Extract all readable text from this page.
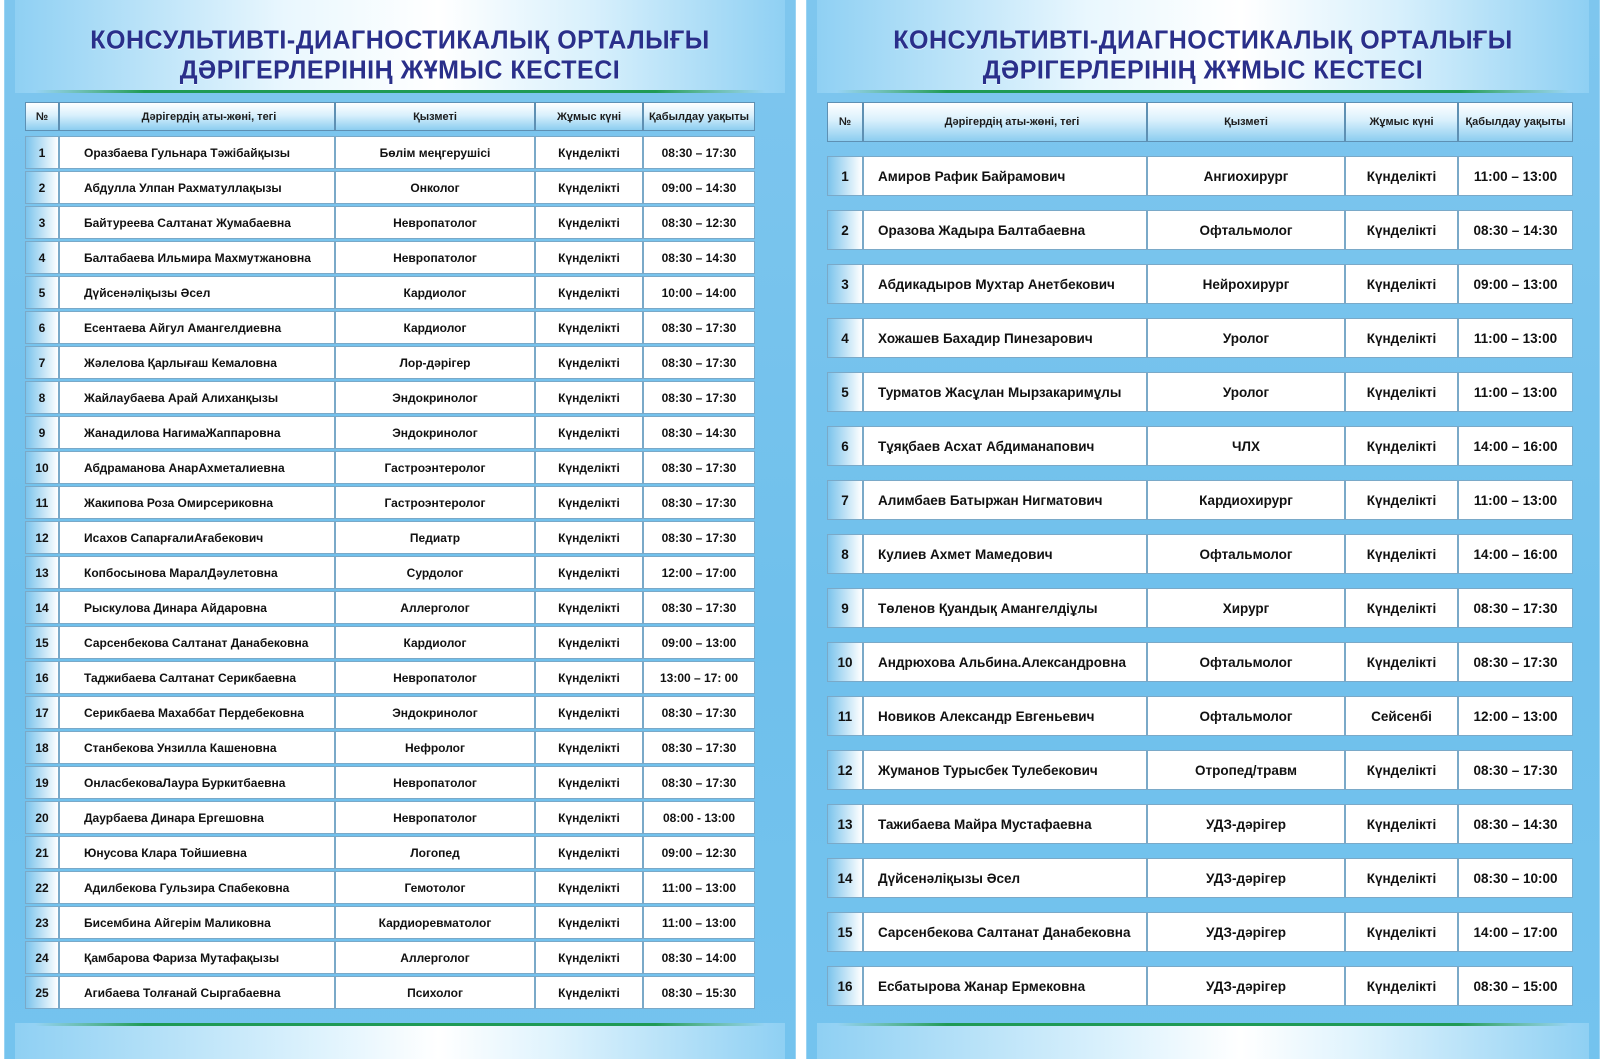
КОНСУЛЬТИВТІ-ДИАГНОСТИКАЛЫҚ ОРТАЛЫҒЫ
ДӘРІГЕРЛЕРІНІҢ ЖҰМЫС КЕСТЕСІ
№	Дәрігердің аты-жөні, тегі	Қызметі	Жұмыс күні	Қабылдау уақыты
1	Оразбаева Гульнара Тәжібайқызы	Бөлім меңгерушісі	Күнделікті	08:30 – 17:30
2	Абдулла Улпан Рахматуллақызы	Онколог	Күнделікті	09:00 – 14:30
3	Байтуреева Салтанат Жумабаевна	Невропатолог	Күнделікті	08:30 – 12:30
4	Балтабаева Ильмира Махмутжановна	Невропатолог	Күнделікті	08:30 – 14:30
5	Дүйсенәліқызы Әсел	Кардиолог	Күнделікті	10:00 – 14:00
6	Есентаева Айгул Амангелдиевна	Кардиолог	Күнделікті	08:30 – 17:30
7	Жәлелова Қарлығаш Кемаловна	Лор-дәрігер	Күнделікті	08:30 – 17:30
8	Жайлаубаева Арай Алиханқызы	Эндокринолог	Күнделікті	08:30 – 17:30
9	Жанадилова НагимаЖаппаровна	Эндокринолог	Күнделікті	08:30 – 14:30
10	Абдраманова АнарАхметалиевна	Гастроэнтеролог	Күнделікті	08:30 – 17:30
11	Жакипова Роза Омирсериковна	Гастроэнтеролог	Күнделікті	08:30 – 17:30
12	Исахов СапарғалиАғабекович	Педиатр	Күнделікті	08:30 – 17:30
13	Копбосынова МаралДәулетовна	Сурдолог	Күнделікті	12:00 – 17:00
14	Рыскулова Динара Айдаровна	Аллерголог	Күнделікті	08:30 – 17:30
15	Сарсенбекова Салтанат Данабековна	Кардиолог	Күнделікті	09:00 – 13:00
16	Таджибаева Салтанат Серикбаевна	Невропатолог	Күнделікті	13:00 – 17: 00
17	Серикбаева Махаббат Пердебековна	Эндокринолог	Күнделікті	08:30 – 17:30
18	Станбекова Унзилла Кашеновна	Нефролог	Күнделікті	08:30 – 17:30
19	ОнласбековаЛаура Буркитбаевна	Невропатолог	Күнделікті	08:30 – 17:30
20	Даурбаева Динара Ергешовна	Невропатолог	Күнделікті	08:00 - 13:00
21	Юнусова Клара Тойшиевна	Логопед	Күнделікті	09:00 – 12:30
22	Адилбекова Гульзира Спабековна	Гемотолог	Күнделікті	11:00 – 13:00
23	Бисембина Айгерім Маликовна	Кардиоревматолог	Күнделікті	11:00 – 13:00
24	Қамбарова Фариза Мутафақызы	Аллерголог	Күнделікті	08:30 – 14:00
25	Агибаева Толғанай Сыргабаевна	Психолог	Күнделікті	08:30 – 15:30
КОНСУЛЬТИВТІ-ДИАГНОСТИКАЛЫҚ ОРТАЛЫҒЫ
ДӘРІГЕРЛЕРІНІҢ ЖҰМЫС КЕСТЕСІ
№	Дәрігердің аты-жөні, тегі	Қызметі	Жұмыс күні	Қабылдау уақыты
1	Амиров Рафик Байрамович	Ангиохирург	Күнделікті	11:00 – 13:00
2	Оразова Жадыра Балтабаевна	Офтальмолог	Күнделікті	08:30 – 14:30
3	Абдикадыров Мухтар Анетбекович	Нейрохирург	Күнделікті	09:00 – 13:00
4	Хожашев Бахадир Пинезарович	Уролог	Күнделікті	11:00 – 13:00
5	Турматов Жасұлан Мырзакаримұлы	Уролог	Күнделікті	11:00 – 13:00
6	Тұяқбаев Асхат Абдиманапович	ЧЛХ	Күнделікті	14:00 – 16:00
7	Алимбаев Батыржан Нигматович	Кардиохирург	Күнделікті	11:00 – 13:00
8	Кулиев Ахмет Мамедович	Офтальмолог	Күнделікті	14:00 – 16:00
9	Төленов Қуандық Амангелдіұлы	Хирург	Күнделікті	08:30 – 17:30
10	Андрюхова Альбина.Александровна	Офтальмолог	Күнделікті	08:30 – 17:30
11	Новиков Александр Евгеньевич	Офтальмолог	Сейсенбі	12:00 – 13:00
12	Жуманов Турысбек Тулебекович	Отропед/травм	Күнделікті	08:30 – 17:30
13	Тажибаева Майра Мустафаевна	УДЗ-дәрігер	Күнделікті	08:30 – 14:30
14	Дүйсенәліқызы Әсел	УДЗ-дәрігер	Күнделікті	08:30 – 10:00
15	Сарсенбекова Салтанат Данабековна	УДЗ-дәрігер	Күнделікті	14:00 – 17:00
16	Есбатырова Жанар Ермековна	УДЗ-дәрігер	Күнделікті	08:30 – 15:00
